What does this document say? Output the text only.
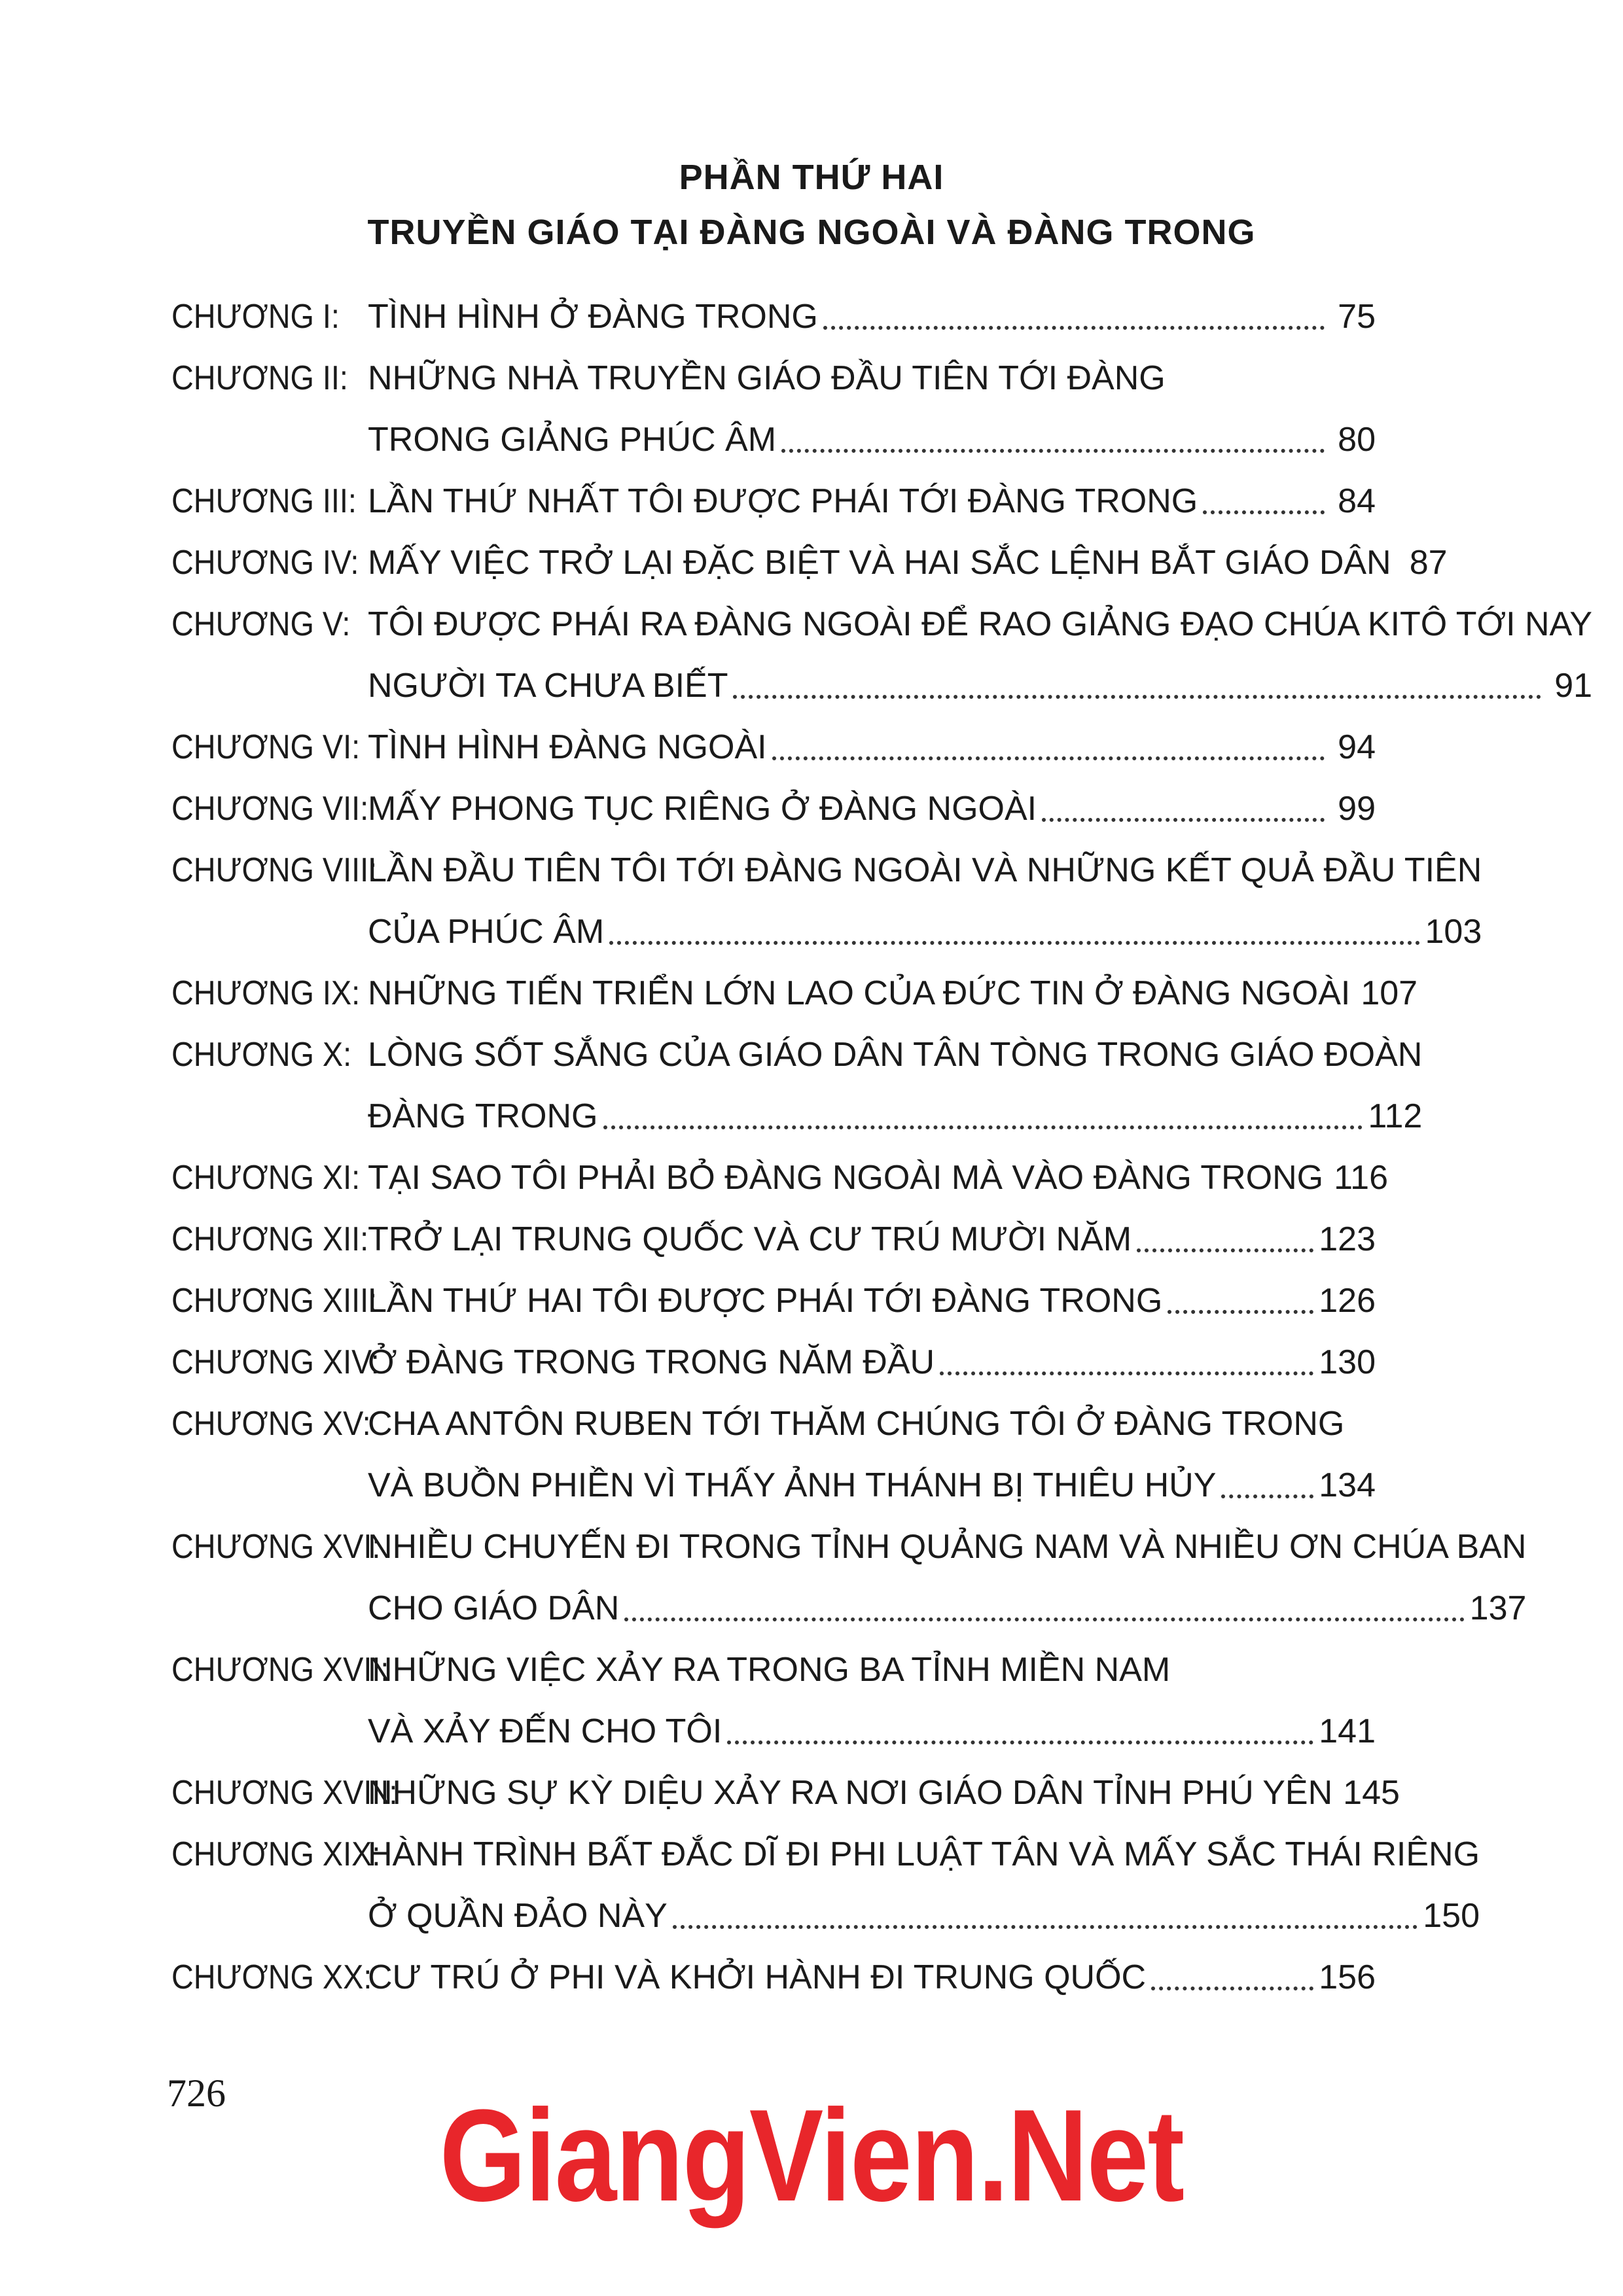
PHẦN THỨ HAI
TRUYỀN GIÁO TẠI ĐÀNG NGOÀI VÀ ĐÀNG TRONG
CHƯƠNG I: TÌNH HÌNH Ở ĐÀNG TRONG	75
CHƯƠNG II: NHỮNG NHÀ TRUYỀN GIÁO ĐẦU TIÊN TỚI ĐÀNG
TRONG GIẢNG PHÚC ÂM	80
CHƯƠNG III: LẦN THỨ NHẤT TÔI ĐƯỢC PHÁI TỚI ĐÀNG TRONG	84
CHƯƠNG IV: MẤY VIỆC TRỞ LẠI ĐẶC BIỆT VÀ HAI SẮC LỆNH BẮT GIÁO DÂN 87
CHƯƠNG V: TÔI ĐƯỢC PHÁI RA ĐÀNG NGOÀI ĐỂ RAO GIẢNG ĐẠO CHÚA KITÔ TỚI NAY
NGƯỜI TA CHƯA BIẾT	91
CHƯƠNG VI: TÌNH HÌNH ĐÀNG NGOÀI	94
CHƯƠNG VII:
MẤY PHONG TỤC RIÊNG Ở ĐÀNG NGOÀI	99
CHƯƠNG VIII:
LẦN ĐẦU TIÊN TÔI TỚI ĐÀNG NGOÀI VÀ NHỮNG KẾT QUẢ ĐẦU TIÊN
CỦA PHÚC ÂM	103
CHƯƠNG IX: NHỮNG TIẾN TRIỂN LỚN LAO CỦA ĐỨC TIN Ở ĐÀNG NGOÀI 107
CHƯƠNG X: LÒNG SỐT SẮNG CỦA GIÁO DÂN TÂN TÒNG TRONG GIÁO ĐOÀN
ĐÀNG TRONG	112
CHƯƠNG XI: TẠI SAO TÔI PHẢI BỎ ĐÀNG NGOÀI MÀ VÀO ĐÀNG TRONG 116
CHƯƠNG XII:
TRỞ LẠI TRUNG QUỐC VÀ CƯ TRÚ MƯỜI NĂM	123
CHƯƠNG XIII:
LẦN THỨ HAI TÔI ĐƯỢC PHÁI TỚI ĐÀNG TRONG	126
CHƯƠNG XIV:
Ở ĐÀNG TRONG TRONG NĂM ĐẦU	130
CHƯƠNG XV:
CHA ANTÔN RUBEN TỚI THĂM CHÚNG TÔI Ở ĐÀNG TRONG
VÀ BUỒN PHIỀN VÌ THẤY ẢNH THÁNH BỊ THIÊU HỦY	134
CHƯƠNG XVI:
NHIỀU CHUYẾN ĐI TRONG TỈNH QUẢNG NAM VÀ NHIỀU ƠN CHÚA BAN
CHO GIÁO DÂN	137
CHƯƠNG XVII:
NHỮNG VIỆC XẢY RA TRONG BA TỈNH MIỀN NAM
VÀ XẢY ĐẾN CHO TÔI	141
CHƯƠNG XVIII:
NHỮNG SỰ KỲ DIỆU XẢY RA NƠI GIÁO DÂN TỈNH PHÚ YÊN 145
CHƯƠNG XIX:
HÀNH TRÌNH BẤT ĐẮC DĨ ĐI PHI LUẬT TÂN VÀ MẤY SẮC THÁI RIÊNG
Ở QUẦN ĐẢO NÀY	150
CHƯƠNG XX:
CƯ TRÚ Ở PHI VÀ KHỞI HÀNH ĐI TRUNG QUỐC	156
726	GiangVien.Net
